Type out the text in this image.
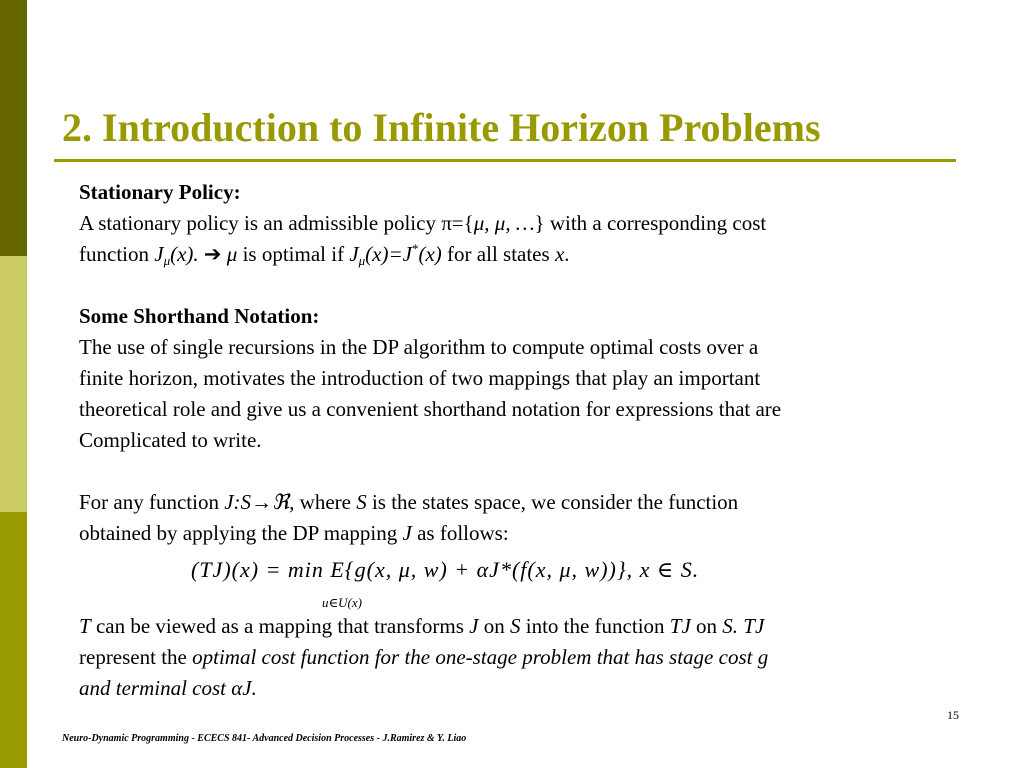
2. Introduction to Infinite Horizon Problems

Stationary Policy:

A stationary policy is an admissible policy π={μ, μ, …} with a corresponding cost

function $J_\mu(x)$. ➔ μ is optimal if $J_\mu(x)=J^*(x)$ for all states x.

Some Shorthand Notation:

The use of single recursions in the DP algorithm to compute optimal costs over a

finite horizon, motivates the introduction of two mappings that play an important

theoretical role and give us a convenient shorthand notation for expressions that are

Complicated to write.

For any function J:S→ℜ, where S is the states space, we consider the function

obtained by applying the DP mapping J as follows:

(TJ)(x) = min E{g(x, μ, w) + αJ*(f(x, μ, w))}, x ∈ S.
u∈U(x)

T can be viewed as a mapping that transforms J on S into the function TJ on S. TJ

represent the optimal cost function for the one-stage problem that has stage cost g

and terminal cost αJ.

15
Neuro-Dynamic Programming - ECECS 841- Advanced Decision Processes - J.Ramirez & Y. Liao
